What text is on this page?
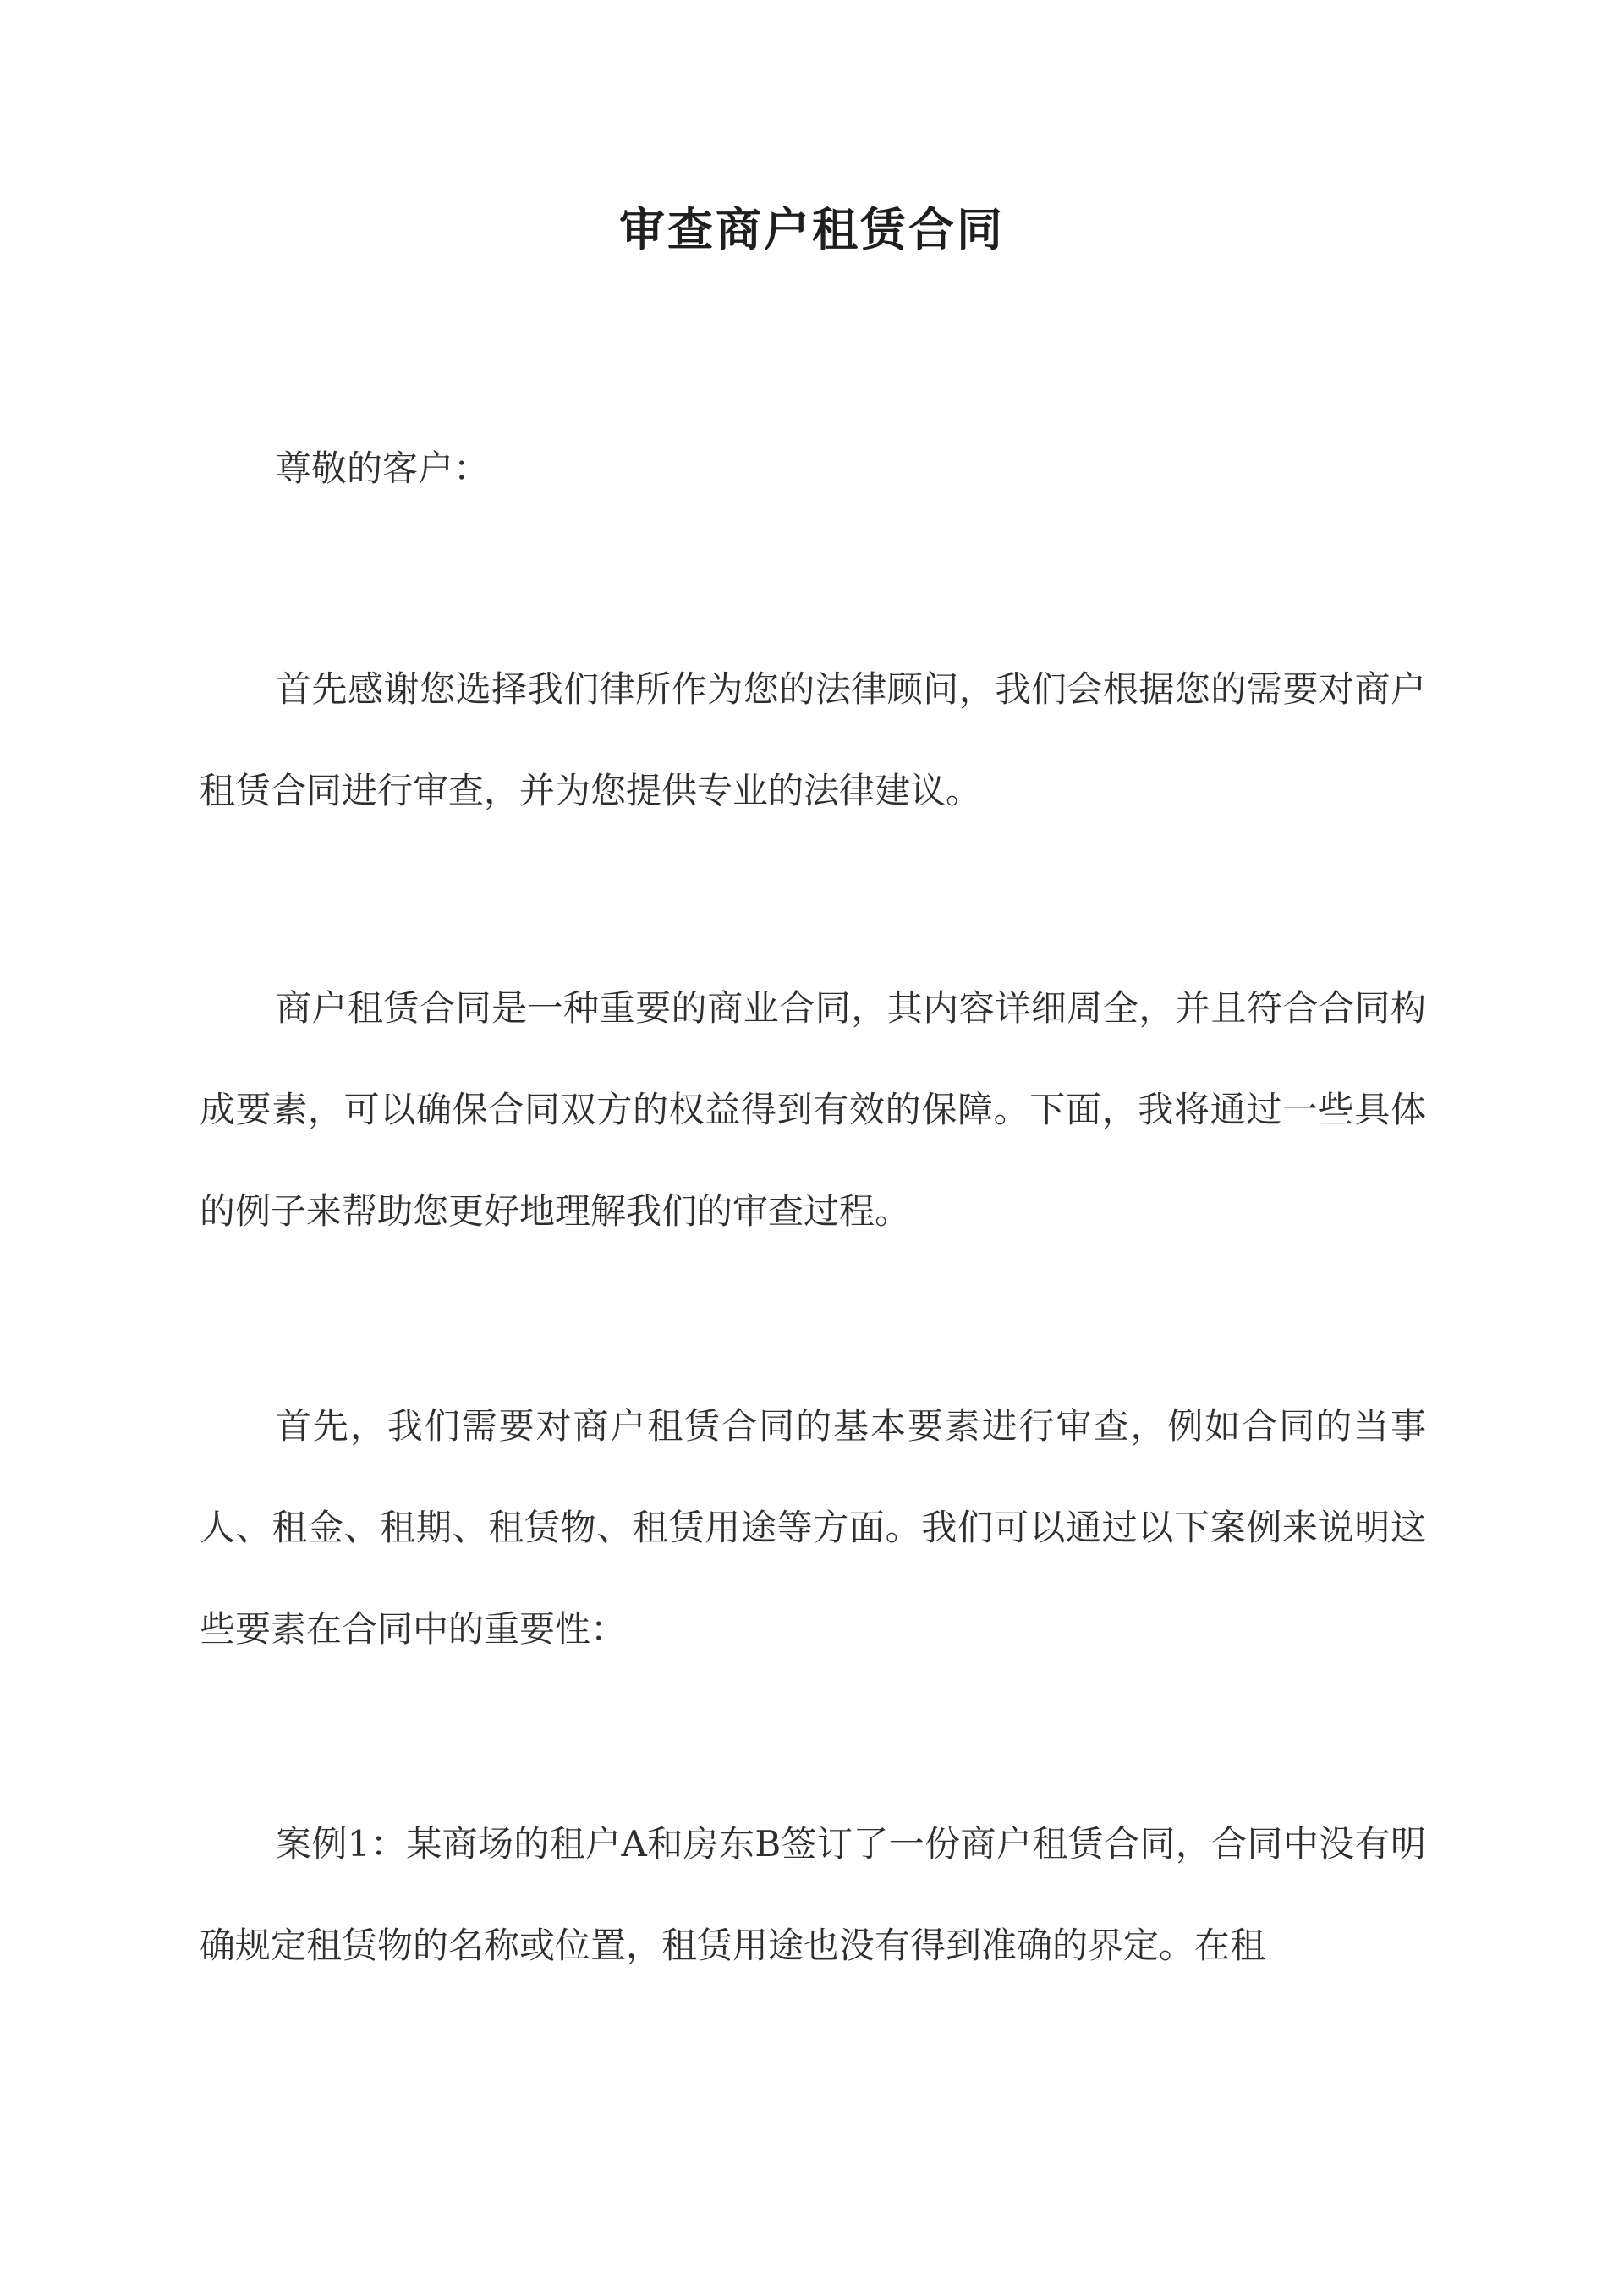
审查商户租赁合同

尊敬的客户：

首先感谢您选择我们律所作为您的法律顾问，我们会根据您的需要对商户租赁合同进行审查，并为您提供专业的法律建议。

商户租赁合同是一种重要的商业合同，其内容详细周全，并且符合合同构成要素，可以确保合同双方的权益得到有效的保障。下面，我将通过一些具体的例子来帮助您更好地理解我们的审查过程。

首先，我们需要对商户租赁合同的基本要素进行审查，例如合同的当事人、租金、租期、租赁物、租赁用途等方面。我们可以通过以下案例来说明这些要素在合同中的重要性：

案例1：某商场的租户A和房东B签订了一份商户租赁合同，合同中没有明确规定租赁物的名称或位置，租赁用途也没有得到准确的界定。在租
